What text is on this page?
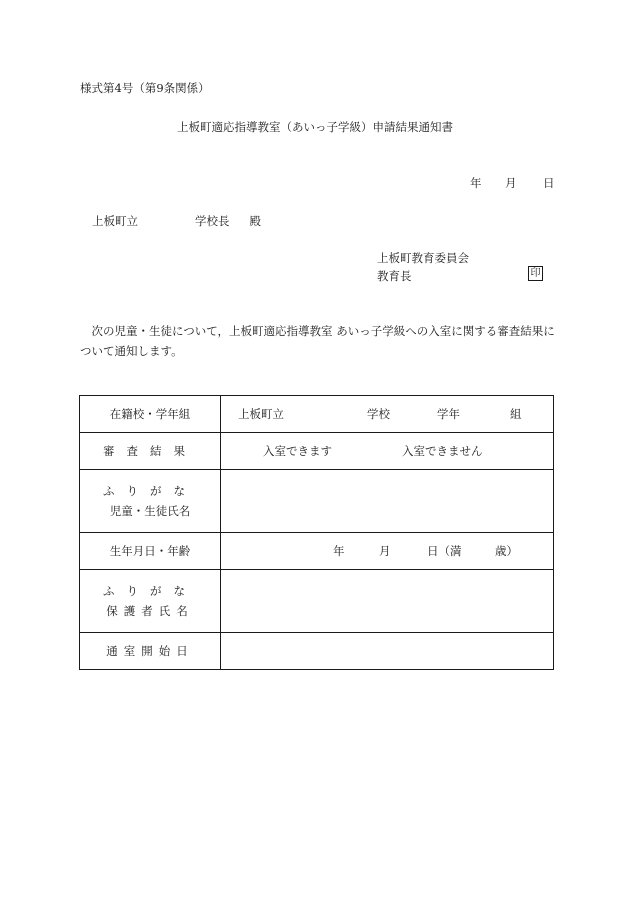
様式第4号（第9条関係）
上板町適応指導教室（あいっ子学級）申請結果通知書
年 月 日
上板町立	学校長 殿
上板町教育委員会
教育長	印
　次の児童・生徒について，上板町適応指導教室 あいっ子学級への入室に関する審査結果について通知します。
在籍校・学年組	上板町立 学校 学年 組

審査結果	入室できます 入室できません

ふりがな
児童・生徒氏名	

生年月日・年齢	年 月 日（満 歳）

ふりがな
保護者氏名	

通室開始日	
